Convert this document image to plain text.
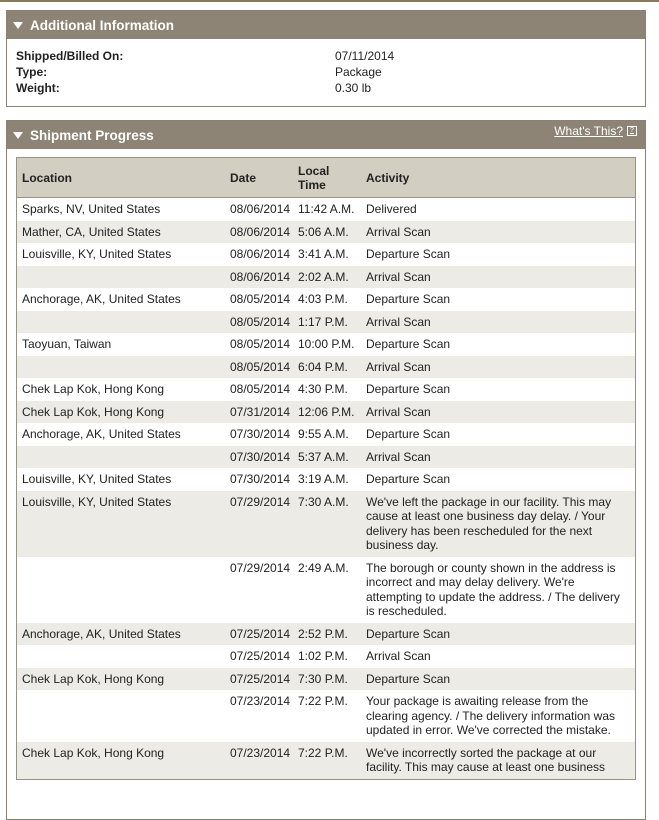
Additional Information
Shipped/Billed On:	07/11/2014
Type:	Package
Weight:	0.30 lb
Shipment Progress	What's This?	?
Location	Date	Local Time	Activity
Sparks, NV, United States	08/06/2014	11:42 A.M.	Delivered
Mather, CA, United States	08/06/2014	5:06 A.M.	Arrival Scan
Louisville, KY, United States	08/06/2014	3:41 A.M.	Departure Scan
	08/06/2014	2:02 A.M.	Arrival Scan
Anchorage, AK, United States	08/05/2014	4:03 P.M.	Departure Scan
	08/05/2014	1:17 P.M.	Arrival Scan
Taoyuan, Taiwan	08/05/2014	10:00 P.M.	Departure Scan
	08/05/2014	6:04 P.M.	Arrival Scan
Chek Lap Kok, Hong Kong	08/05/2014	4:30 P.M.	Departure Scan
Chek Lap Kok, Hong Kong	07/31/2014	12:06 P.M.	Arrival Scan
Anchorage, AK, United States	07/30/2014	9:55 A.M.	Departure Scan
	07/30/2014	5:37 A.M.	Arrival Scan
Louisville, KY, United States	07/30/2014	3:19 A.M.	Departure Scan
Louisville, KY, United States	07/29/2014	7:30 A.M.	We've left the package in our facility. This may cause at least one business day delay. / Your delivery has been rescheduled for the next business day.
	07/29/2014	2:49 A.M.	The borough or county shown in the address is incorrect and may delay delivery. We're attempting to update the address. / The delivery is rescheduled.
Anchorage, AK, United States	07/25/2014	2:52 P.M.	Departure Scan
	07/25/2014	1:02 P.M.	Arrival Scan
Chek Lap Kok, Hong Kong	07/25/2014	7:30 P.M.	Departure Scan
	07/23/2014	7:22 P.M.	Your package is awaiting release from the clearing agency. / The delivery information was updated in error. We've corrected the mistake.
Chek Lap Kok, Hong Kong	07/23/2014	7:22 P.M.	We've incorrectly sorted the package at our facility. This may cause at least one business
